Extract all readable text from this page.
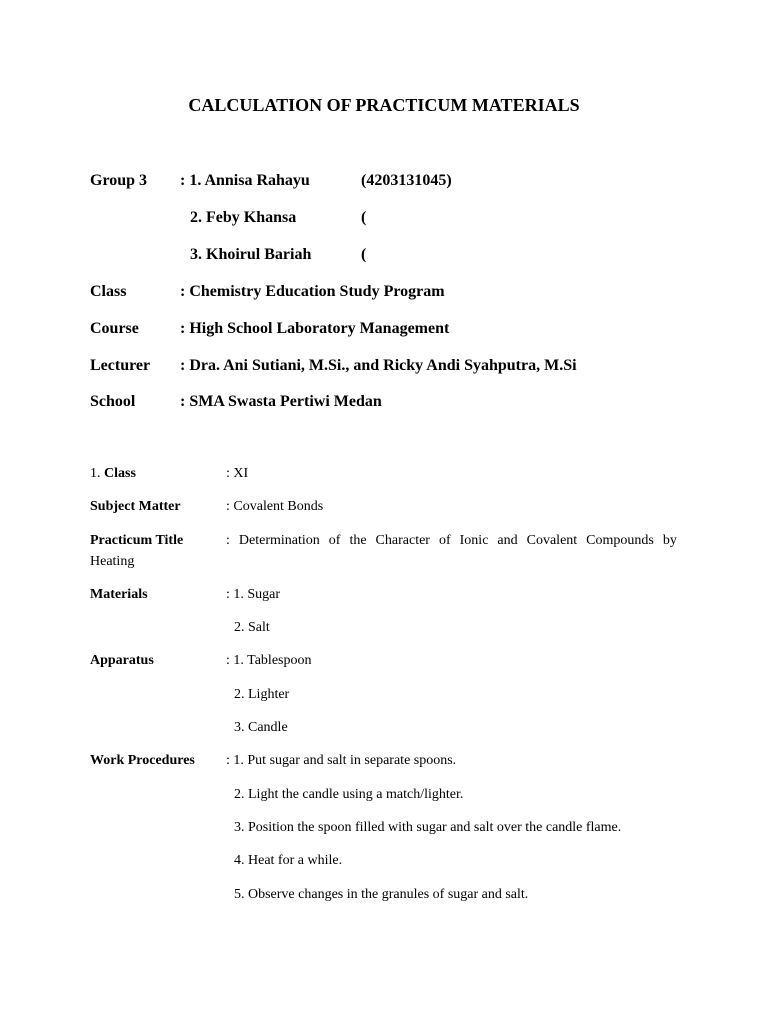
CALCULATION OF PRACTICUM MATERIALS
Group 3 : 1. Annisa Rahayu	(4203131045)
2. Feby Khansa	(
3. Khoirul Bariah	(
Class	: Chemistry Education Study Program
Course	: High School Laboratory Management
Lecturer : Dra. Ani Sutiani, M.Si., and Ricky Andi Syahputra, M.Si
School	: SMA Swasta Pertiwi Medan
1. Class	: XI
Subject Matter	: Covalent Bonds
Practicum Title	: Determination of the Character of Ionic and Covalent Compounds by
Heating
Materials	: 1. Sugar
2. Salt
Apparatus	: 1. Tablespoon
2. Lighter
3. Candle
Work Procedures : 1. Put sugar and salt in separate spoons.
2. Light the candle using a match/lighter.
3. Position the spoon filled with sugar and salt over the candle flame.
4. Heat for a while.
5. Observe changes in the granules of sugar and salt.
